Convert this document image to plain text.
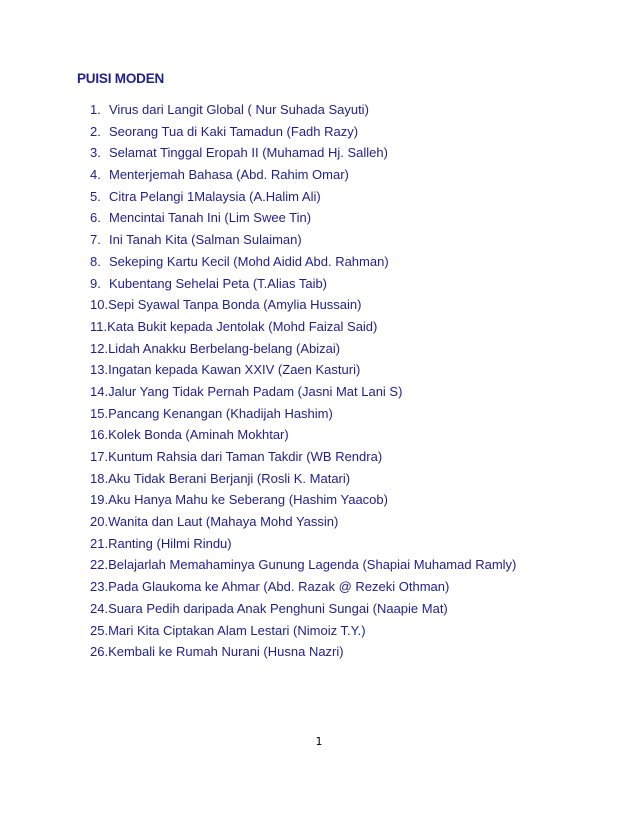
PUISI MODEN
1. Virus dari Langit Global ( Nur Suhada Sayuti)
2. Seorang Tua di Kaki Tamadun (Fadh Razy)
3. Selamat Tinggal Eropah II (Muhamad Hj. Salleh)
4. Menterjemah Bahasa (Abd. Rahim Omar)
5. Citra Pelangi 1Malaysia (A.Halim Ali)
6. Mencintai Tanah Ini (Lim Swee Tin)
7. Ini Tanah Kita (Salman Sulaiman)
8. Sekeping Kartu Kecil (Mohd Aidid Abd. Rahman)
9. Kubentang Sehelai Peta (T.Alias Taib)
10. Sepi Syawal Tanpa Bonda (Amylia Hussain)
11. Kata Bukit kepada Jentolak (Mohd Faizal Said)
12. Lidah Anakku Berbelang-belang (Abizai)
13. Ingatan kepada Kawan XXIV (Zaen Kasturi)
14. Jalur Yang Tidak Pernah Padam (Jasni Mat Lani S)
15. Pancang Kenangan (Khadijah Hashim)
16. Kolek Bonda (Aminah Mokhtar)
17. Kuntum Rahsia dari Taman Takdir (WB Rendra)
18. Aku Tidak Berani Berjanji (Rosli K. Matari)
19. Aku Hanya Mahu ke Seberang (Hashim Yaacob)
20. Wanita dan Laut (Mahaya Mohd Yassin)
21. Ranting (Hilmi Rindu)
22. Belajarlah Memahaminya Gunung Lagenda (Shapiai Muhamad Ramly)
23. Pada Glaukoma ke Ahmar (Abd. Razak @ Rezeki Othman)
24. Suara Pedih daripada Anak Penghuni Sungai (Naapie Mat)
25. Mari Kita Ciptakan Alam Lestari (Nimoiz T.Y.)
26. Kembali ke Rumah Nurani (Husna Nazri)
1
